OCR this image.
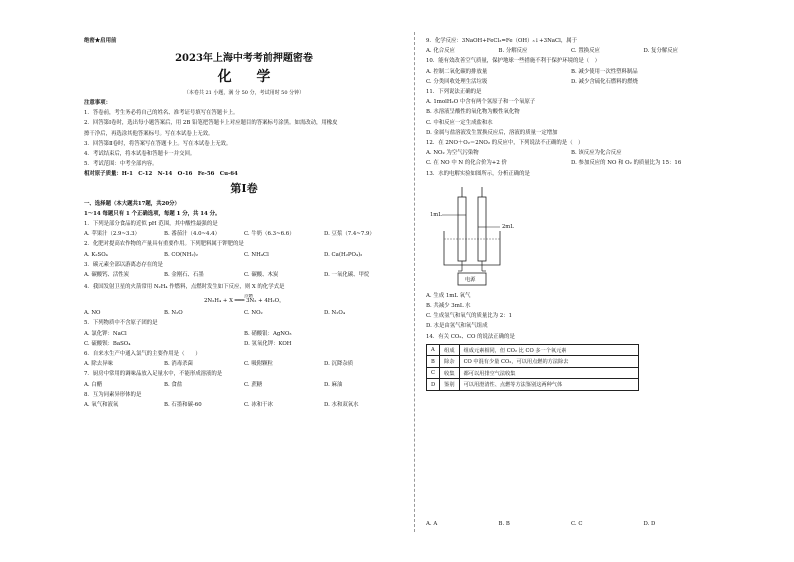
绝密★启用前
2023年上海中考考前押题密卷
化 学
（本卷共 21 小题，满 分 50 分，考试用时 50 分钟）
注意事项：
1．答卷前，考生务必将自己的姓名、准考证号填写在答题卡上。
2．回答第Ⅰ卷时，选出每小题答案后，用 2B 铅笔把答题卡上对应题目的答案标号涂黑。如需改动，用橡皮
擦干净后，再选涂其他答案标号。写在本试卷上无效。
3．回答第Ⅱ卷时，将答案写在答题卡上。写在本试卷上无效。
4．考试结束后，将本试卷和答题卡一并交回。
5．考试范围：中考全部内容。
相对原子质量：H-1　C-12　N-14　O-16　Fe-56　Cu-64
第Ⅰ卷
一、选择题（本大题共17题，共20分）
1～14 每题只有 1 个正确选项，每题 1 分，共 14 分。
1．下列是部分食品的近似 pH 范围，其中酸性最强的是
A. 苹果汁（2.9~3.3）	B. 番茄汁（4.0~4.4）	C. 牛奶（6.3~6.6）	D. 豆浆（7.4~7.9）
2．化肥对提高农作物的产量具有重要作用。下列肥料属于钾肥的是
A. K₂SO₄	B. CO(NH₂)₂	C. NH₄Cl	D. Ca(H₂PO₄)₂
3．碳元素全部以游离态存在的是
A. 碳酸钙、活性炭	B. 金刚石、石墨	C. 碳酸、木炭	D. 一氧化碳、甲烷
4．我国发射卫星的火箭常用 N₂H₄ 作燃料，点燃时发生如下反应，则 X 的化学式是
点燃
2N₂H₄ + X ═══ 3N₂ + 4H₂O，
A. NO	B. N₂O	C. NO₂	D. N₂O₄
5．下列物质中不含原子团的是
A. 氯化钾：NaCl	B. 硝酸银：AgNO₃
C. 硫酸钡：BaSO₄	D. 氢氧化钾：KOH
6．自来水生产中通入氯气的主要作用是（　　）
A. 除去异味	B. 消毒杀菌	C. 吸附颗粒	D. 沉降杂质
7．厨房中常用的调味品放入足量水中，不能形成溶液的是
A. 白醋	B. 食盐	C. 蔗糖	D. 麻油
8．互为同素异形体的是
A. 氧气和液氧	B. 石墨和碳-60	C. 冰和干冰	D. 水和双氧水
9．化学反应：3NaOH+FeCl₃=Fe（OH）₃↓+3NaCl，属于
A. 化合反应	B. 分解反应	C. 置换反应	D. 复分解反应
10．能有效改善空气质量，保护地球一些措施不利于保护环境的是（　）
A. 控制二氧化碳的排放量	B. 减少使用一次性塑料制品
C. 分类回收处理生活垃圾	D. 减少含硫化石燃料的燃烧
11．下列说法正确的是
A. 1molH₂O 中含有两个氢原子和一个氧原子
B. 水溶液呈酸性的氧化物为酸性氧化物
C. 中和反应一定生成盐和水
D. 金属与盐溶液发生置换反应后，溶液的质量一定增加
12．在 2NO＋O₂＝2NO₂ 的反应中，下列说法不正确的是（　）
A. NO₂ 为空气污染物	B. 该反应为化合反应
C. 在 NO 中 N 的化合价为+2 价	D. 参加反应的 NO 和 O₂ 的质量比为 15：16
13．水的电解实验如图所示，分析正确的是
1mL
2mL
电源
A. 生成 1mL 氧气
B. 共减少 3mL 水
C. 生成氢气和氧气的质量比为 2：1
D. 水是由氢气和氧气组成
14．有关 CO₂、CO 的说法正确的是
A	组成	组成元素相同，但 CO₂ 比 CO 多一个氧元素
B	除杂	CO 中混有少量 CO₂，可以用点燃的方法除去
C	收集	都可以用排空气法收集
D	鉴别	可以用澄清性、点燃等方法鉴别这两种气体
A. A	B. B	C. C	D. D
